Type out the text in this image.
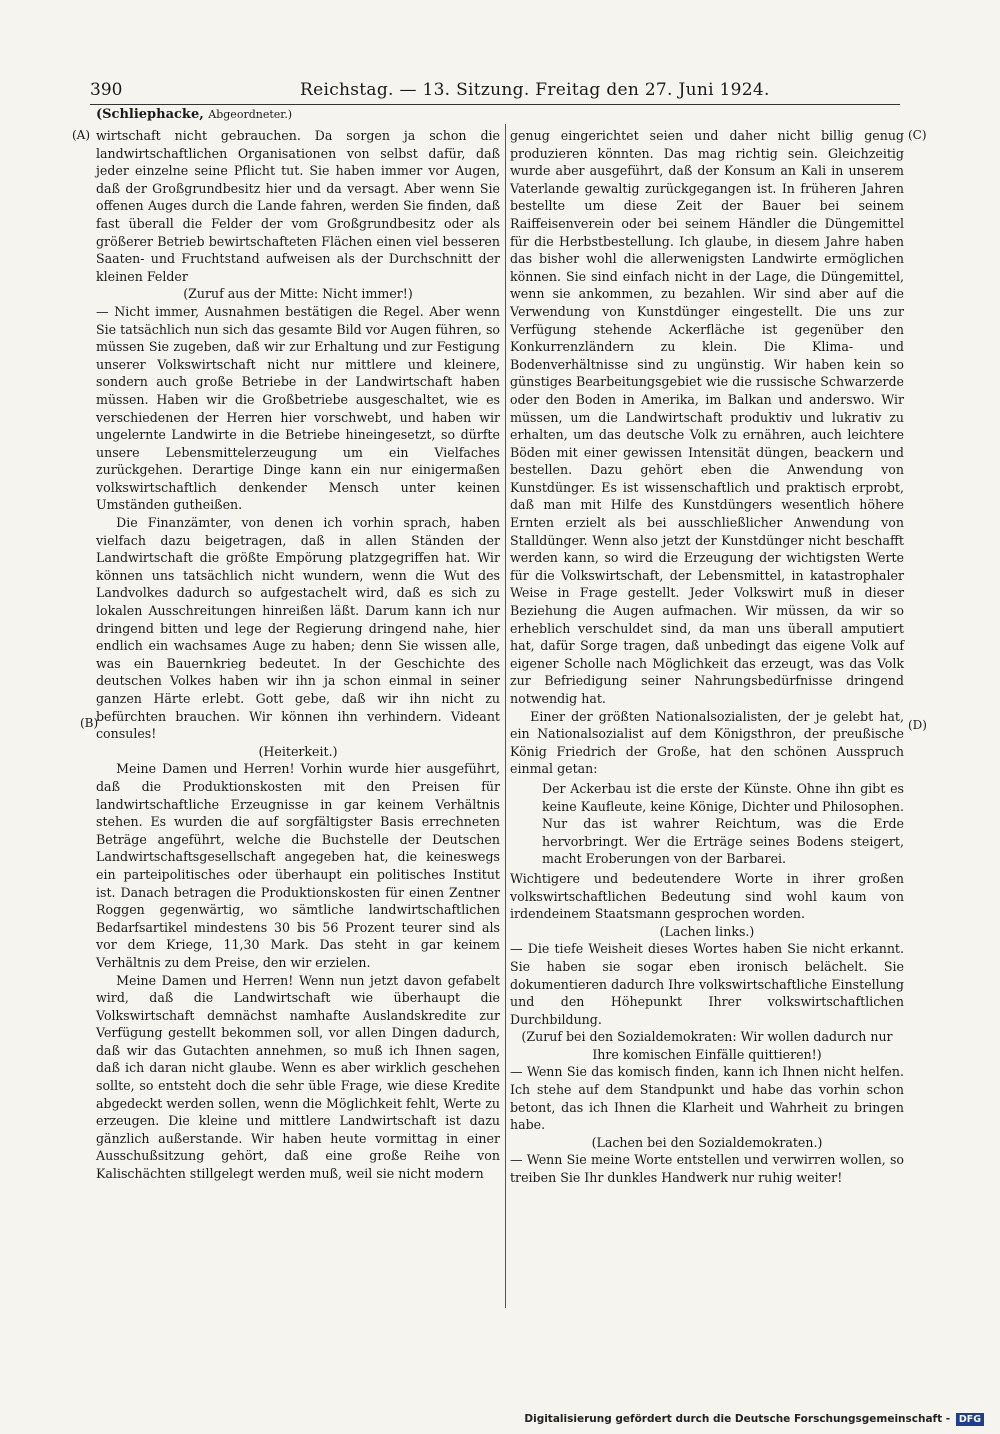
390	Reichstag. — 13. Sitzung. Freitag den 27. Juni 1924.
(Schliephacke, Abgeordneter.)
(A)
(B)
(C)
(D)

wirtschaft nicht gebrauchen. Da sorgen ja schon die landwirtschaftlichen Organisationen von selbst dafür, daß jeder einzelne seine Pflicht tut. Sie haben immer vor Augen, daß der Großgrundbesitz hier und da versagt. Aber wenn Sie offenen Auges durch die Lande fahren, werden Sie finden, daß fast überall die Felder der vom Großgrundbesitz oder als größerer Betrieb bewirtschafteten Flächen einen viel besseren Saaten- und Fruchtstand aufweisen als der Durchschnitt der kleinen Felder

(Zuruf aus der Mitte: Nicht immer!)

— Nicht immer, Ausnahmen bestätigen die Regel. Aber wenn Sie tatsächlich nun sich das gesamte Bild vor Augen führen, so müssen Sie zugeben, daß wir zur Erhaltung und zur Festigung unserer Volkswirtschaft nicht nur mittlere und kleinere, sondern auch große Betriebe in der Landwirtschaft haben müssen. Haben wir die Großbetriebe ausgeschaltet, wie es verschiedenen der Herren hier vorschwebt, und haben wir ungelernte Landwirte in die Betriebe hineingesetzt, so dürfte unsere Lebensmittelerzeugung um ein Vielfaches zurückgehen. Derartige Dinge kann ein nur einigermaßen volkswirtschaftlich denkender Mensch unter keinen Umständen gutheißen.

Die Finanzämter, von denen ich vorhin sprach, haben vielfach dazu beigetragen, daß in allen Ständen der Landwirtschaft die größte Empörung platzgegriffen hat. Wir können uns tatsächlich nicht wundern, wenn die Wut des Landvolkes dadurch so aufgestachelt wird, daß es sich zu lokalen Ausschreitungen hinreißen läßt. Darum kann ich nur dringend bitten und lege der Regierung dringend nahe, hier endlich ein wachsames Auge zu haben; denn Sie wissen alle, was ein Bauernkrieg bedeutet. In der Geschichte des deutschen Volkes haben wir ihn ja schon einmal in seiner ganzen Härte erlebt. Gott gebe, daß wir ihn nicht zu befürchten brauchen. Wir können ihn verhindern. Videant consules!

(Heiterkeit.)

Meine Damen und Herren! Vorhin wurde hier ausgeführt, daß die Produktionskosten mit den Preisen für landwirtschaftliche Erzeugnisse in gar keinem Verhältnis stehen. Es wurden die auf sorgfältigster Basis errechneten Beträge angeführt, welche die Buchstelle der Deutschen Landwirtschaftsgesellschaft angegeben hat, die keineswegs ein parteipolitisches oder überhaupt ein politisches Institut ist. Danach betragen die Produktionskosten für einen Zentner Roggen gegenwärtig, wo sämtliche landwirtschaftlichen Bedarfsartikel mindestens 30 bis 56 Prozent teurer sind als vor dem Kriege, 11,30 Mark. Das steht in gar keinem Verhältnis zu dem Preise, den wir erzielen.

Meine Damen und Herren! Wenn nun jetzt davon gefabelt wird, daß die Landwirtschaft wie überhaupt die Volkswirtschaft demnächst namhafte Auslandskredite zur Verfügung gestellt bekommen soll, vor allen Dingen dadurch, daß wir das Gutachten annehmen, so muß ich Ihnen sagen, daß ich daran nicht glaube. Wenn es aber wirklich geschehen sollte, so entsteht doch die sehr üble Frage, wie diese Kredite abgedeckt werden sollen, wenn die Möglichkeit fehlt, Werte zu erzeugen. Die kleine und mittlere Landwirtschaft ist dazu gänzlich außerstande. Wir haben heute vormittag in einer Ausschußsitzung gehört, daß eine große Reihe von Kalischächten stillgelegt werden muß, weil sie nicht modern

genug eingerichtet seien und daher nicht billig genug produzieren könnten. Das mag richtig sein. Gleichzeitig wurde aber ausgeführt, daß der Konsum an Kali in unserem Vaterlande gewaltig zurückgegangen ist. In früheren Jahren bestellte um diese Zeit der Bauer bei seinem Raiffeisenverein oder bei seinem Händler die Düngemittel für die Herbstbestellung. Ich glaube, in diesem Jahre haben das bisher wohl die allerwenigsten Landwirte ermöglichen können. Sie sind einfach nicht in der Lage, die Düngemittel, wenn sie ankommen, zu bezahlen. Wir sind aber auf die Verwendung von Kunstdünger eingestellt. Die uns zur Verfügung stehende Ackerfläche ist gegenüber den Konkurrenzländern zu klein. Die Klima- und Bodenverhältnisse sind zu ungünstig. Wir haben kein so günstiges Bearbeitungsgebiet wie die russische Schwarzerde oder den Boden in Amerika, im Balkan und anderswo. Wir müssen, um die Landwirtschaft produktiv und lukrativ zu erhalten, um das deutsche Volk zu ernähren, auch leichtere Böden mit einer gewissen Intensität düngen, beackern und bestellen. Dazu gehört eben die Anwendung von Kunstdünger. Es ist wissenschaftlich und praktisch erprobt, daß man mit Hilfe des Kunstdüngers wesentlich höhere Ernten erzielt als bei ausschließlicher Anwendung von Stalldünger. Wenn also jetzt der Kunstdünger nicht beschafft werden kann, so wird die Erzeugung der wichtigsten Werte für die Volkswirtschaft, der Lebensmittel, in katastrophaler Weise in Frage gestellt. Jeder Volkswirt muß in dieser Beziehung die Augen aufmachen. Wir müssen, da wir so erheblich verschuldet sind, da man uns überall amputiert hat, dafür Sorge tragen, daß unbedingt das eigene Volk auf eigener Scholle nach Möglichkeit das erzeugt, was das Volk zur Befriedigung seiner Nahrungsbedürfnisse dringend notwendig hat.

Einer der größten Nationalsozialisten, der je gelebt hat, ein Nationalsozialist auf dem Königsthron, der preußische König Friedrich der Große, hat den schönen Ausspruch einmal getan:

Der Ackerbau ist die erste der Künste. Ohne ihn gibt es keine Kaufleute, keine Könige, Dichter und Philosophen. Nur das ist wahrer Reichtum, was die Erde hervorbringt. Wer die Erträge seines Bodens steigert, macht Eroberungen von der Barbarei.

Wichtigere und bedeutendere Worte in ihrer großen volkswirtschaftlichen Bedeutung sind wohl kaum von irdendeinem Staatsmann gesprochen worden.

(Lachen links.)

— Die tiefe Weisheit dieses Wortes haben Sie nicht erkannt. Sie haben sie sogar eben ironisch belächelt. Sie dokumentieren dadurch Ihre volkswirtschaftliche Einstellung und den Höhepunkt Ihrer volkswirtschaftlichen Durchbildung.

(Zuruf bei den Sozialdemokraten: Wir wollen dadurch nur Ihre komischen Einfälle quittieren!)

— Wenn Sie das komisch finden, kann ich Ihnen nicht helfen. Ich stehe auf dem Standpunkt und habe das vorhin schon betont, das ich Ihnen die Klarheit und Wahrheit zu bringen habe.

(Lachen bei den Sozialdemokraten.)

— Wenn Sie meine Worte entstellen und verwirren wollen, so treiben Sie Ihr dunkles Handwerk nur ruhig weiter!

Digitalisierung gefördert durch die Deutsche Forschungsgemeinschaft - DFG
